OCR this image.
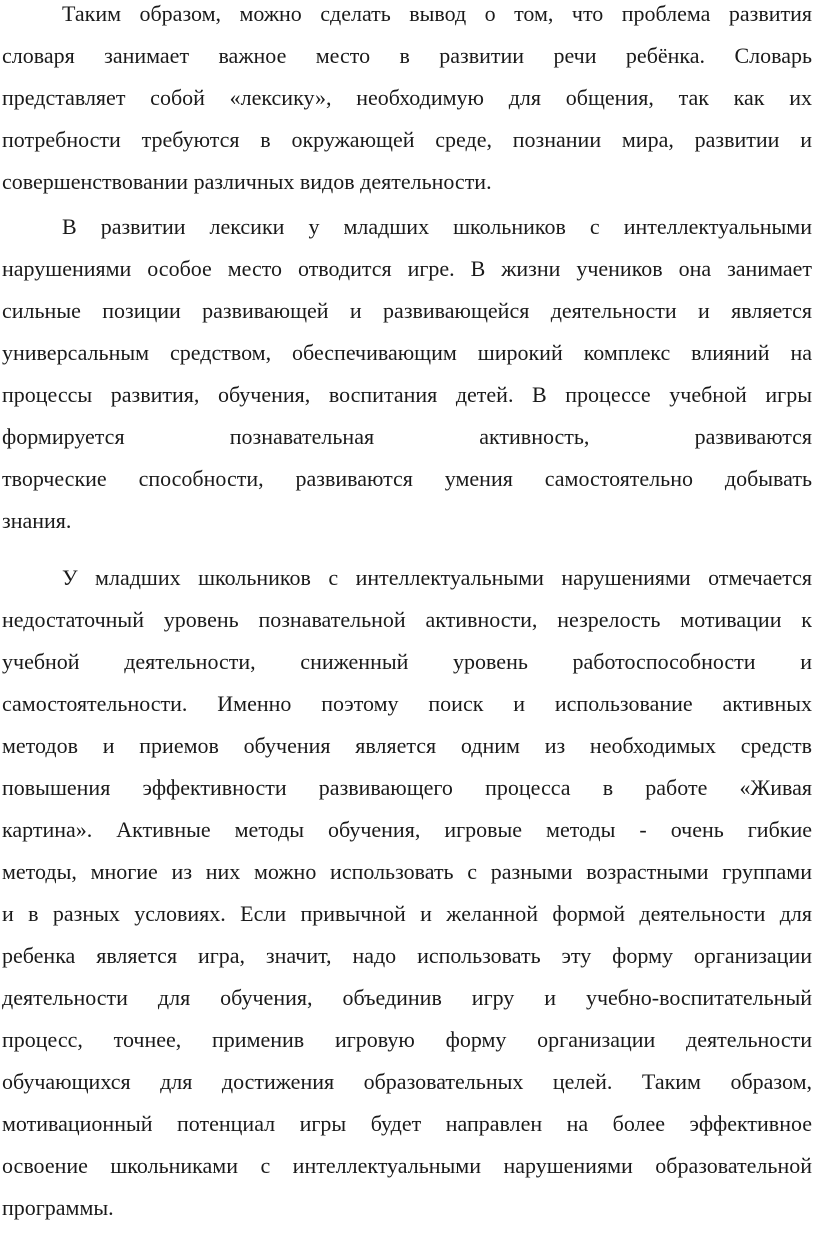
Таким образом, можно сделать вывод о том, что проблема развития
словаря занимает важное место в развитии речи ребёнка. Словарь
представляет собой «лексику», необходимую для общения, так как их
потребности требуются в окружающей среде, познании мира, развитии и
совершенствовании различных видов деятельности.
В развитии лексики у младших школьников с интеллектуальными
нарушениями особое место отводится игре. В жизни учеников она занимает
сильные позиции развивающей и развивающейся деятельности и является
универсальным средством, обеспечивающим широкий комплекс влияний на
процессы развития, обучения, воспитания детей. В процессе учебной игры
формируется познавательная активность, развиваются
творческие способности, развиваются умения самостоятельно добывать
знания.
У младших школьников с интеллектуальными нарушениями отмечается
недостаточный уровень познавательной активности, незрелость мотивации к
учебной деятельности, сниженный уровень работоспособности и
самостоятельности. Именно поэтому поиск и использование активных
методов и приемов обучения является одним из необходимых средств
повышения эффективности развивающего процесса в работе «Живая
картина». Активные методы обучения, игровые методы - очень гибкие
методы, многие из них можно использовать с разными возрастными группами
и в разных условиях. Если привычной и желанной формой деятельности для
ребенка является игра, значит, надо использовать эту форму организации
деятельности для обучения, объединив игру и учебно-воспитательный
процесс, точнее, применив игровую форму организации деятельности
обучающихся для достижения образовательных целей. Таким образом,
мотивационный потенциал игры будет направлен на более эффективное
освоение школьниками с интеллектуальными нарушениями образовательной
программы.
